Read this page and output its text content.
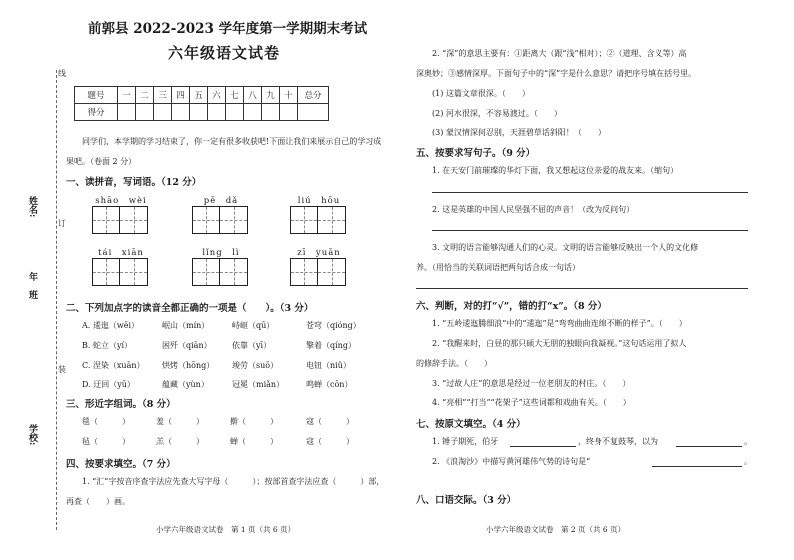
线
订
装
姓名:
年　班
学校:
前郭县 2022-2023 学年度第一学期期末考试
六年级语文试卷
题号	一	二	三	四	五	六	七	八	九	十	总分
得分											
同学们，本学期的学习结束了，你一定有很多收获吧!下面让我们来展示自己的学习成
果吧。（卷面 2 分）
一、读拼音，写词语。（12 分）
shāo　wèi	pē　dǎ	liú　hōu
tái　xiān	lǐng　lì	zī　yuān
二、下列加点字的读音全都正确的一项是（　　）。（3 分）
A. 逶迤（wēi）	岷山（mín）	峙岖（qū）	苍穹（qióng）
B. 蛇立（yí）	困歼（qiān）	依靠（yī）	擎着（qíng）
C. 涅染（xuān） 烘烤（hōng） 竣劳（suō）	电钮（niǔ）
D. 迂回（yū）	蕴藏（yùn）	冠冕（miǎn）	鸣蝉（cōn）
三、形近字组词。（8 分）
毯（　　　）	羞（　　　）	擀（　　　）	寇（　　　）
毡（　　　）	羔（　　　）	蝉（　　　）	寇（　　　）
四、按要求填空。（7 分）
1. “汇”字按音序查字法应先查大写字母（　　　）；按部首查字法应查（　　　）部，
再查（　　）画。
小学六年级语文试卷　第 1 页（共 6 页）
2. “深”的意思主要有：①距离大（跟“浅”相对）；②（道理、含义等）高
深奥妙；③感情深厚。下面句子中的“深”字是什么意思？请把序号填在括号里。
(1) 这篇文章很深。（　　）
(2) 河水很深，不容易渡过。（　　）
(3) 蒙汉情深何忍别，天涯碧草话斜阳！（　　）
五、按要求写句子。（9 分）
1. 在天安门前璀璨的华灯下面，我又想起这位亲爱的战友来。（缩句）
2. 这是英雄的中国人民坚强不屈的声音！（改为反问句）
3. 文明的语言能够沟通人们的心灵。文明的语言能够反映出一个人的文化修
养。（用恰当的关联词语把两句话合成一句话）
六、判断，对的打“√”，错的打“x”。（8 分）
1. “五岭逶迤腾细浪”中的“逶迤”是“弯弯曲曲连绵不断的样子”。（　　）
2. “我醒来时，白昼的那只硕大无朋的独眼向我凝视。”这句话运用了拟人
的修辞手法。（　　）
3. “过故人庄”的意思是经过一位老朋友的村庄。（　　）
4. “亮相”“打当”“花架子”这些词都和戏曲有关。（　　）
七、按原文填空。（4 分）
1. 锤子期死，伯牙	，终身不复鼓琴，以为	。
2. 《浪淘沙》中描写黄河雄伟气势的诗句是“	。
八、口语交际。（3 分）
小学六年级语文试卷　第 2 页（共 6 页）
